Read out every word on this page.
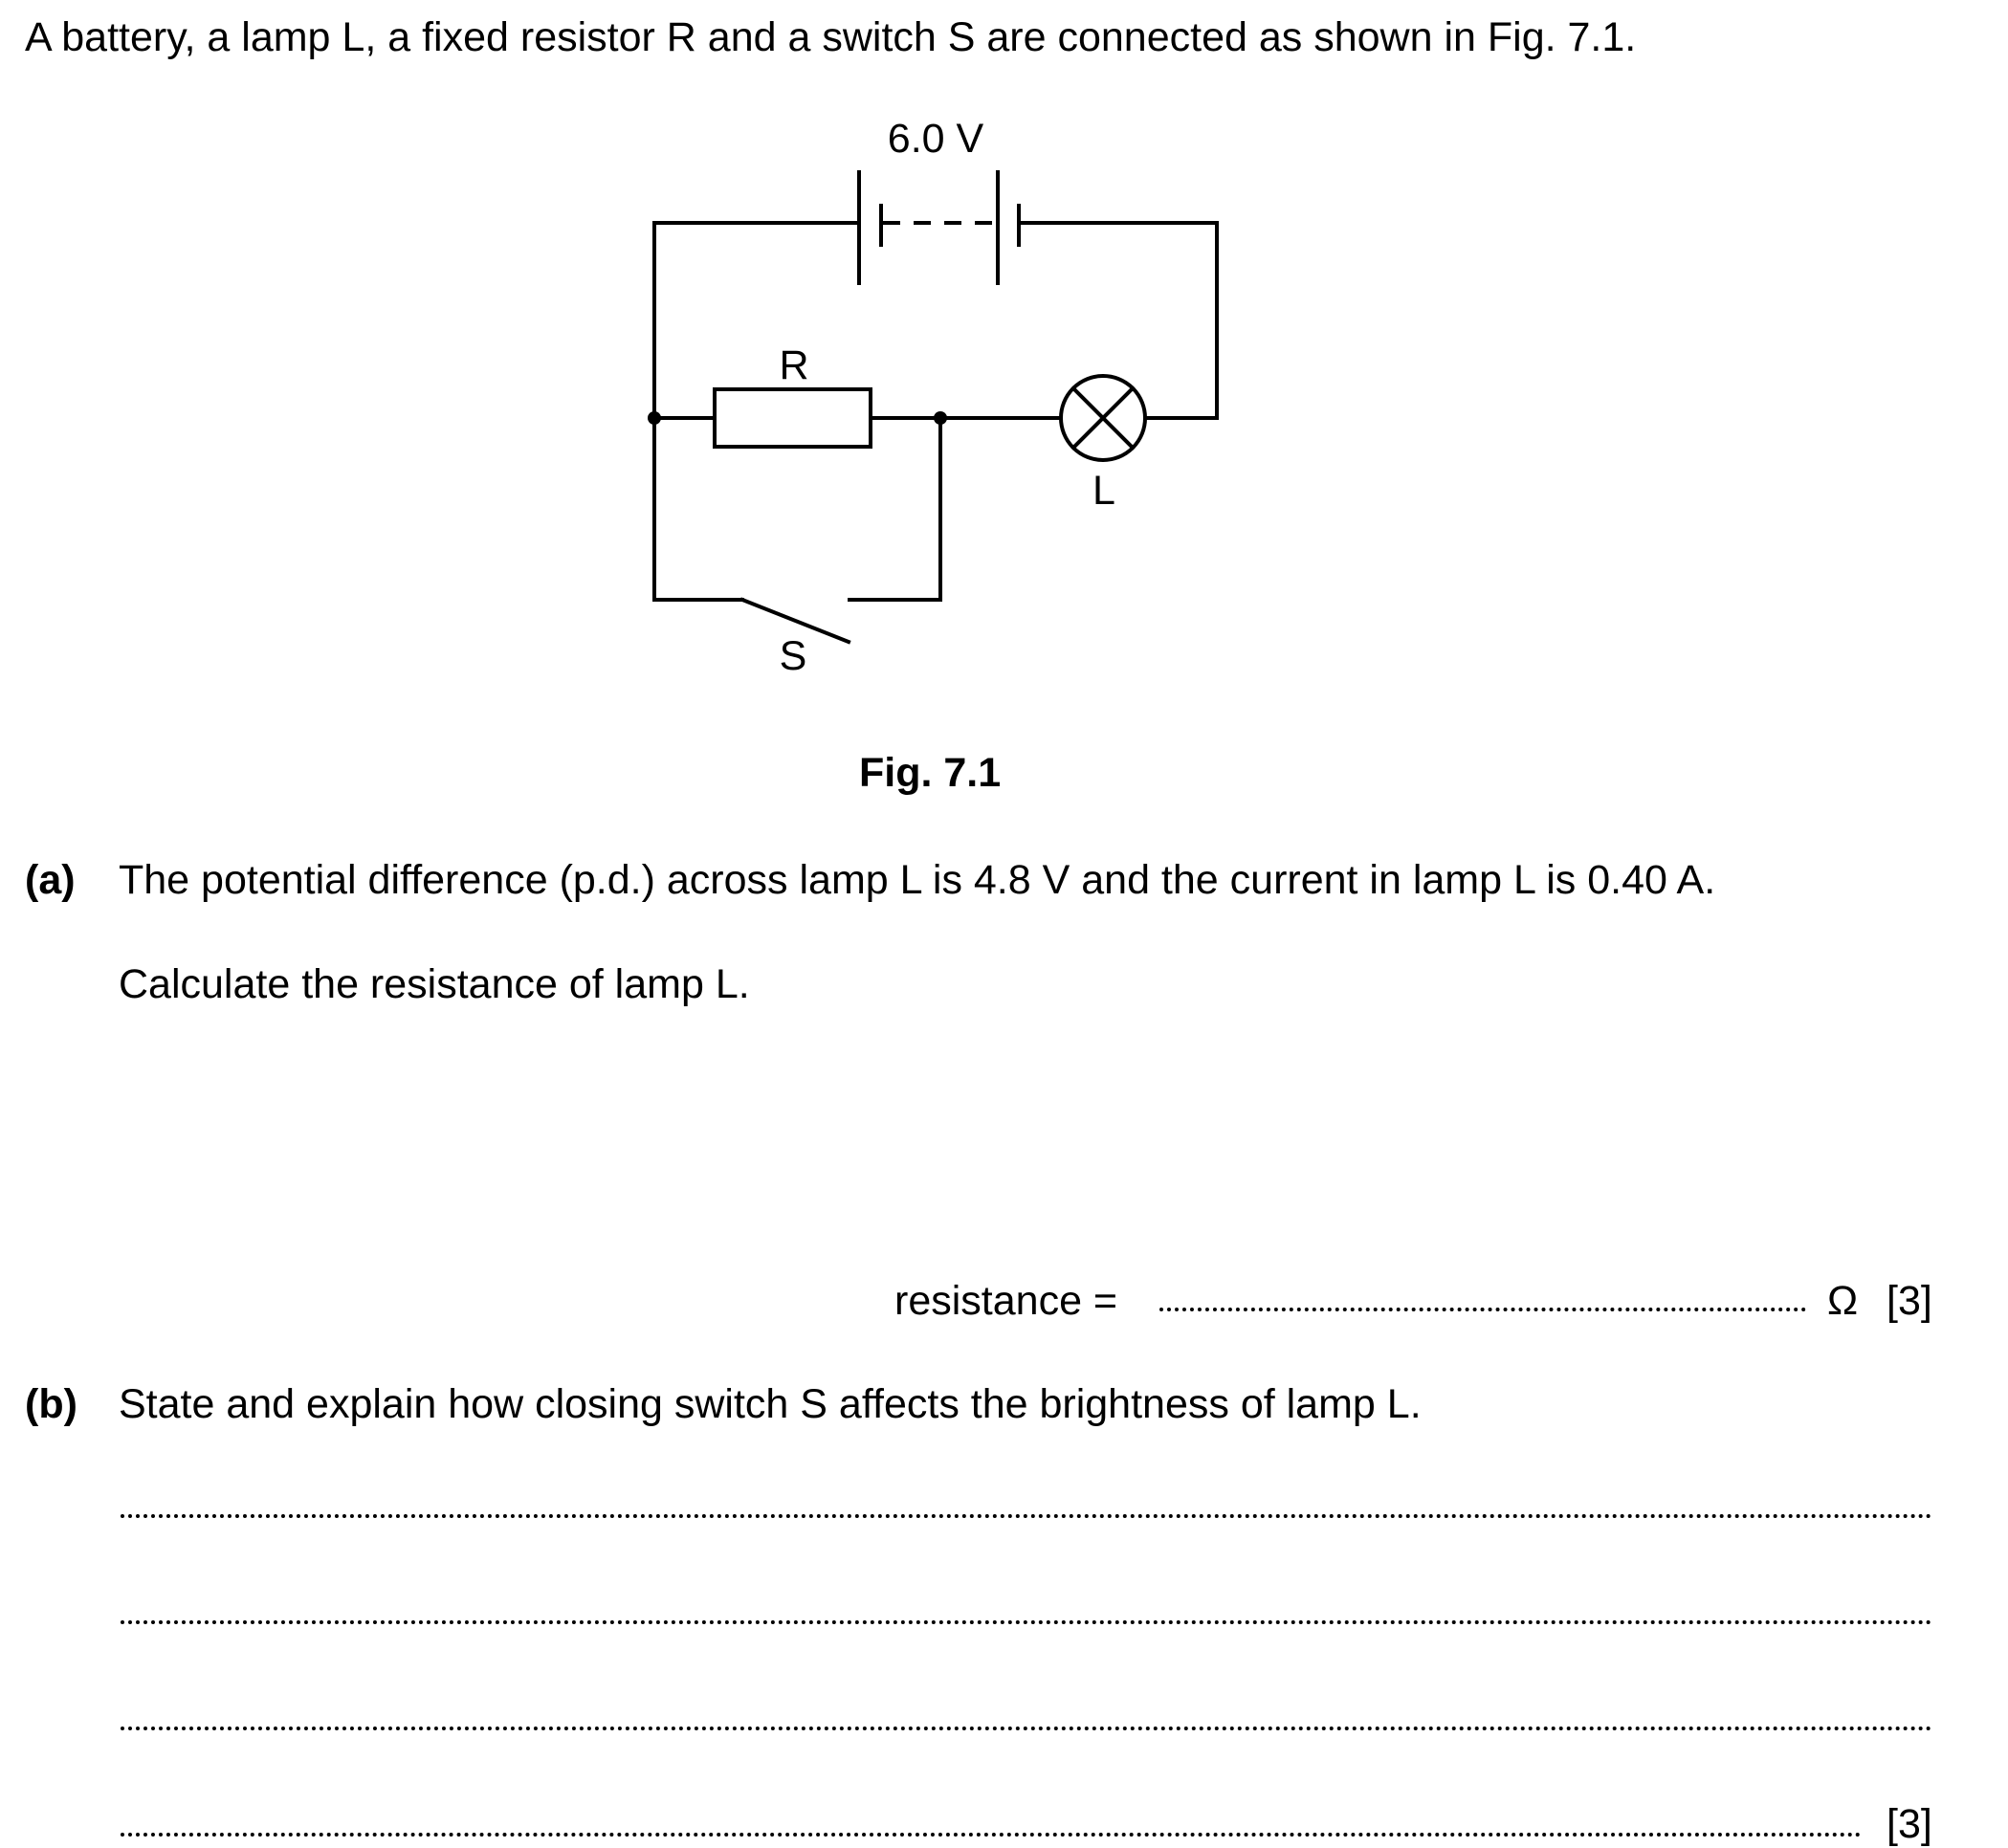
A battery, a lamp L, a fixed resistor R and a switch S are connected as shown in Fig. 7.1.
6.0 V
R
L
S
Fig. 7.1
(a) The potential difference (p.d.) across lamp L is 4.8 V and the current in lamp L is 0.40 A.
Calculate the resistance of lamp L.
resistance =	Ω [3]
(b) State and explain how closing switch S affects the brightness of lamp L.
[3]
